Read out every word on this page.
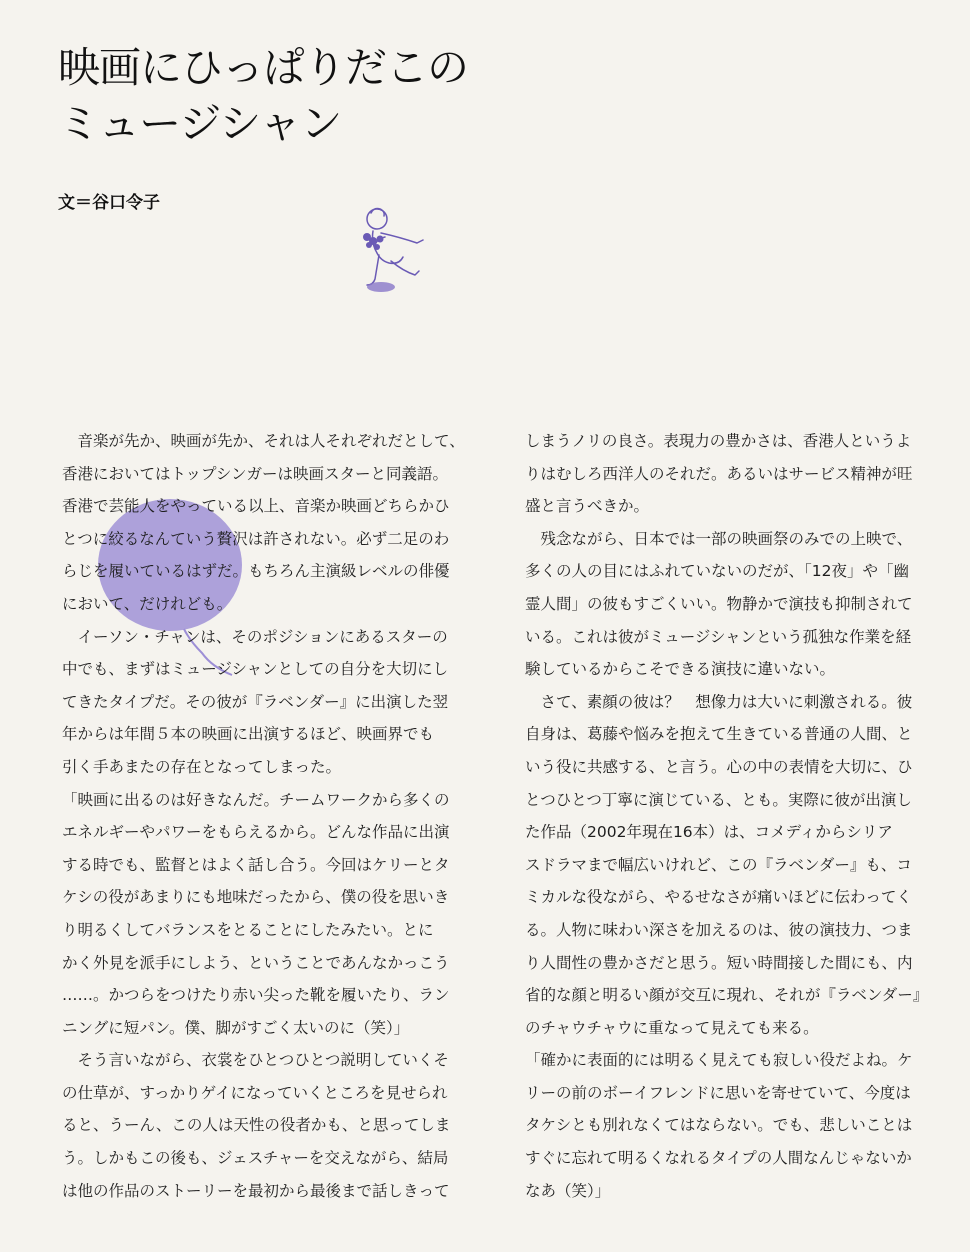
映画にひっぱりだこの
ミュージシャン
文＝谷口令子

　音楽が先か、映画が先か、それは人それぞれだとして、

香港においてはトップシンガーは映画スターと同義語。

香港で芸能人をやっている以上、音楽か映画どちらかひ

とつに絞るなんていう贅沢は許されない。必ず二足のわ

らじを履いているはずだ。もちろん主演級レベルの俳優

において、だけれども。

　イーソン・チャンは、そのポジションにあるスターの

中でも、まずはミュージシャンとしての自分を大切にし

てきたタイプだ。その彼が『ラベンダー』に出演した翌

年からは年間５本の映画に出演するほど、映画界でも

引く手あまたの存在となってしまった。

「映画に出るのは好きなんだ。チームワークから多くの

エネルギーやパワーをもらえるから。どんな作品に出演

する時でも、監督とはよく話し合う。今回はケリーとタ

ケシの役があまりにも地味だったから、僕の役を思いき

り明るくしてバランスをとることにしたみたい。とに

かく外見を派手にしよう、ということであんなかっこう

……。かつらをつけたり赤い尖った靴を履いたり、ラン

ニングに短パン。僕、脚がすごく太いのに（笑）」

　そう言いながら、衣裳をひとつひとつ説明していくそ

の仕草が、すっかりゲイになっていくところを見せられ

ると、うーん、この人は天性の役者かも、と思ってしま

う。しかもこの後も、ジェスチャーを交えながら、結局

は他の作品のストーリーを最初から最後まで話しきって

しまうノリの良さ。表現力の豊かさは、香港人というよ

りはむしろ西洋人のそれだ。あるいはサービス精神が旺

盛と言うべきか。

　残念ながら、日本では一部の映画祭のみでの上映で、

多くの人の目にはふれていないのだが、「12夜」や「幽

霊人間」の彼もすごくいい。物静かで演技も抑制されて

いる。これは彼がミュージシャンという孤独な作業を経

験しているからこそできる演技に違いない。

　さて、素顔の彼は？　想像力は大いに刺激される。彼

自身は、葛藤や悩みを抱えて生きている普通の人間、と

いう役に共感する、と言う。心の中の表情を大切に、ひ

とつひとつ丁寧に演じている、とも。実際に彼が出演し

た作品（2002年現在16本）は、コメディからシリア

スドラマまで幅広いけれど、この『ラベンダー』も、コ

ミカルな役ながら、やるせなさが痛いほどに伝わってく

る。人物に味わい深さを加えるのは、彼の演技力、つま

り人間性の豊かさだと思う。短い時間接した間にも、内

省的な顔と明るい顔が交互に現れ、それが『ラベンダー』

のチャウチャウに重なって見えても来る。

「確かに表面的には明るく見えても寂しい役だよね。ケ

リーの前のボーイフレンドに思いを寄せていて、今度は

タケシとも別れなくてはならない。でも、悲しいことは

すぐに忘れて明るくなれるタイプの人間なんじゃないか

なあ（笑）」
